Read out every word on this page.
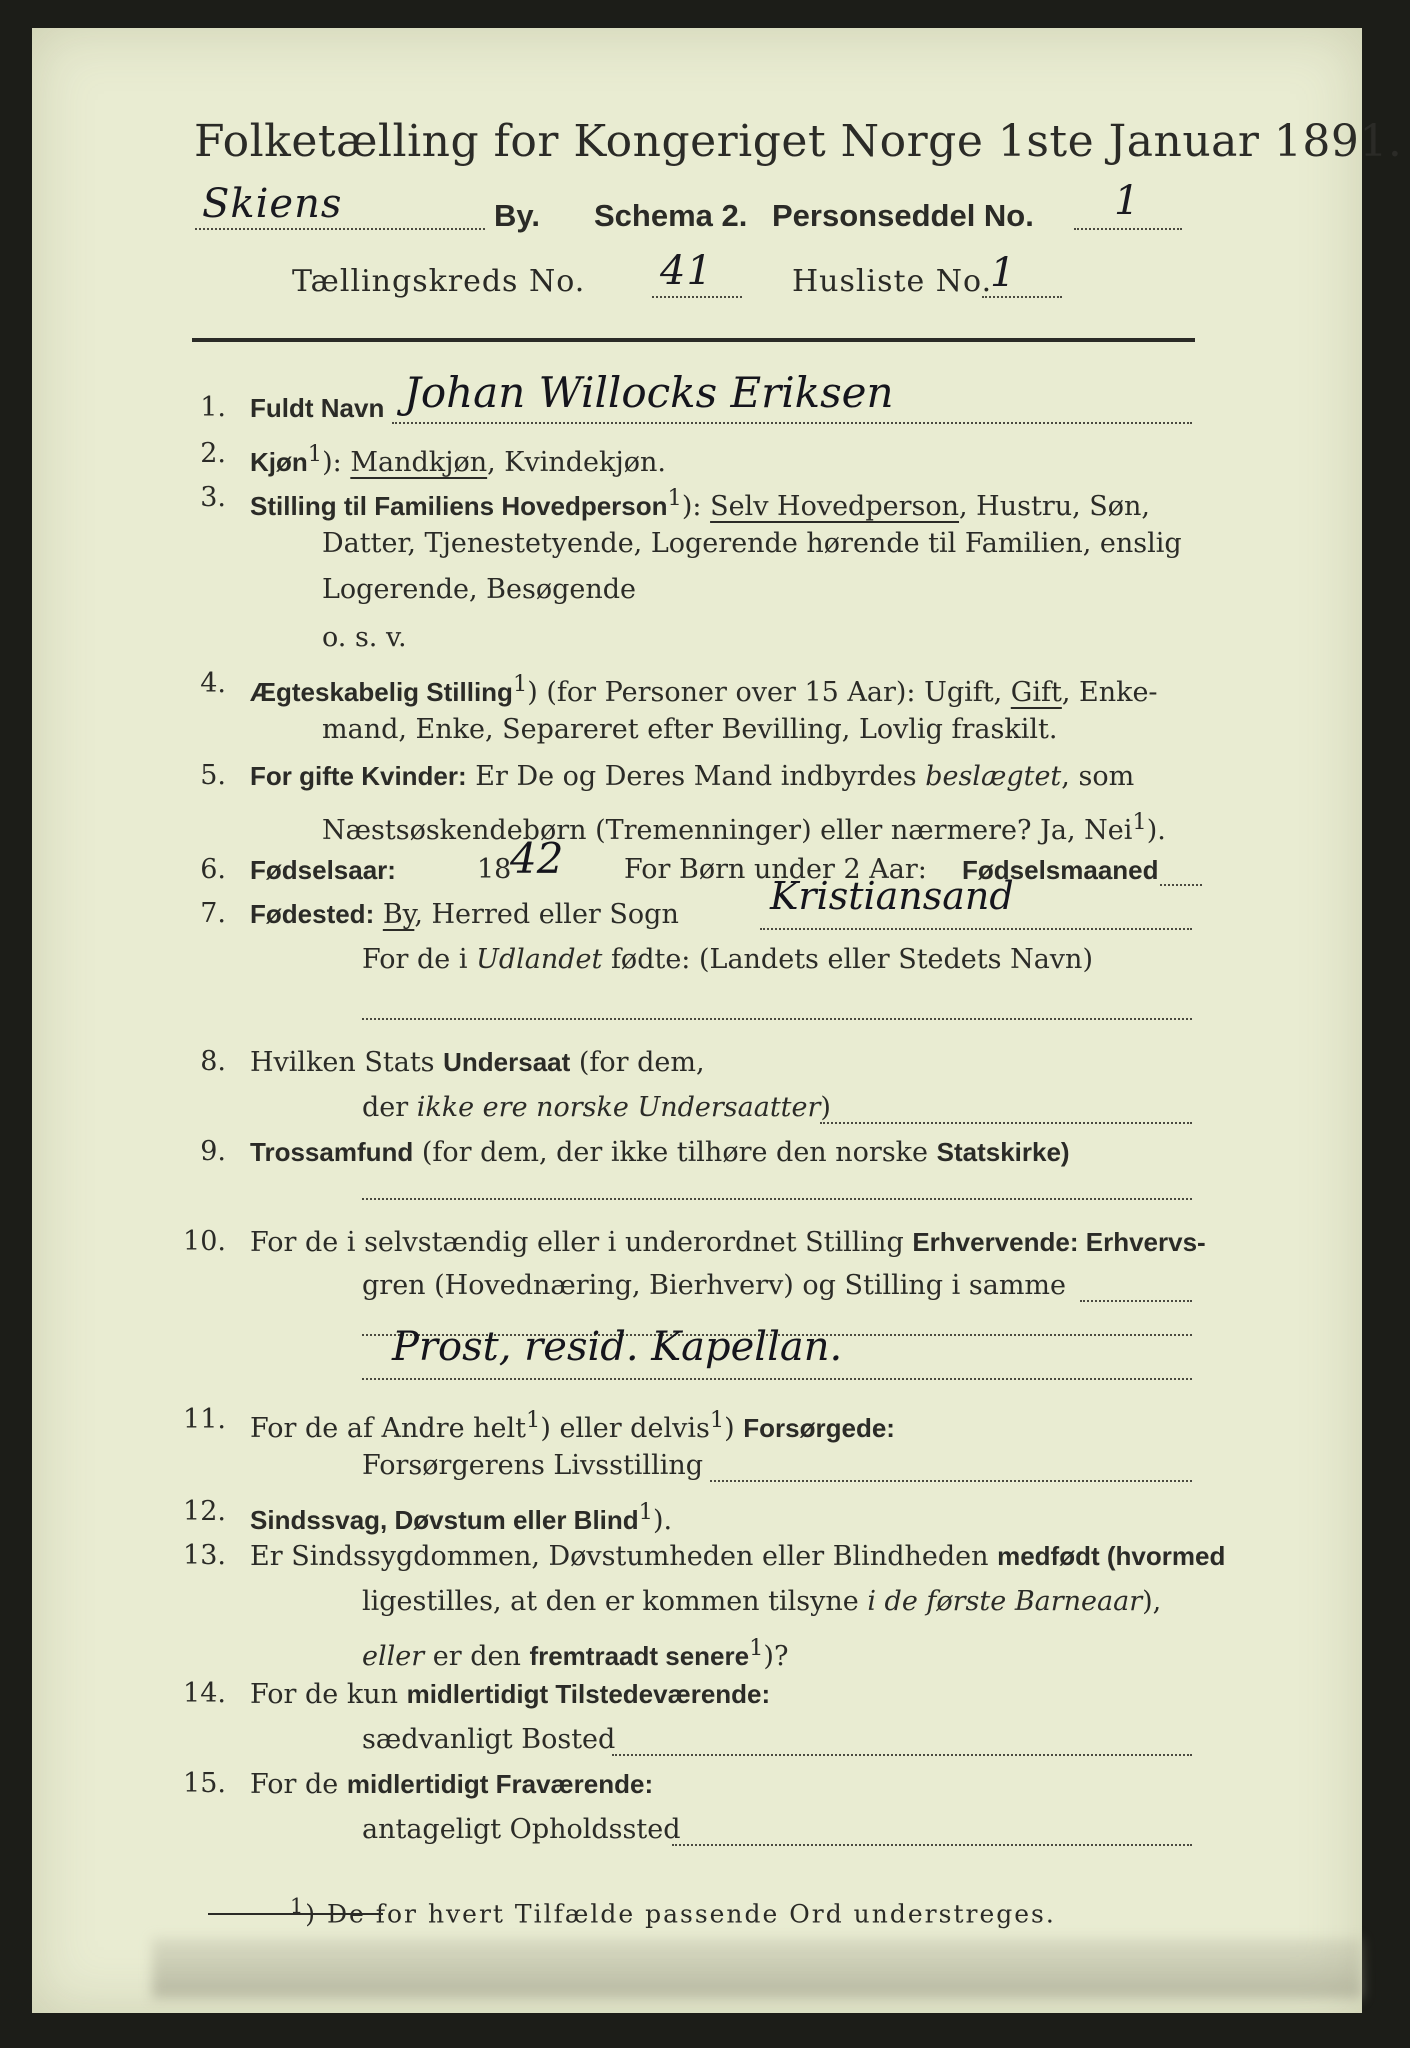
Folketælling for Kongeriget Norge 1ste Januar 1891.
Skiens	By. Schema 2. Personseddel No. 1
Tællingskreds No. 41	Husliste No.
1
1. Fuldt Navn Johan Willocks Eriksen
2. Kjøn$^1$): Mandkjøn, Kvindekjøn.
3. Stilling til Familiens Hovedperson$^1$): Selv Hovedperson, Hustru, Søn,
Datter, Tjenestetyende, Logerende hørende til Familien, enslig
Logerende, Besøgende
o. s. v.
4. Ægteskabelig Stilling$^1$) (for Personer over 15 Aar): Ugift, Gift, Enke-
mand, Enke, Separeret efter Bevilling, Lovlig fraskilt.
5. For gifte Kvinder: Er De og Deres Mand indbyrdes beslægtet, som
Næstsøskendebørn (Tremenninger) eller nærmere? Ja, Nei$^1$).
6. Fødselsaar:	18
42 For Børn under 2 Aar: Fødselsmaaned
7. Fødested: By, Herred eller Sogn Kristiansand
For de i Udlandet fødte: (Landets eller Stedets Navn)
8. Hvilken Stats Undersaat (for dem,
der ikke ere norske Undersaatter)
9. Trossamfund (for dem, der ikke tilhøre den norske Statskirke)
10. For de i selvstændig eller i underordnet Stilling Erhvervende: Erhvervs-
gren (Hovednæring, Bierhverv) og Stilling i samme
Prost, resid. Kapellan.
11. For de af Andre helt$^1$) eller delvis$^1$) Forsørgede:
Forsørgerens Livsstilling
12. Sindssvag, Døvstum eller Blind$^1$).
13. Er Sindssygdommen, Døvstumheden eller Blindheden medfødt (hvormed
ligestilles, at den er kommen tilsyne i de første Barneaar),
eller er den fremtraadt senere$^1$)?
14. For de kun midlertidigt Tilstedeværende:
sædvanligt Bosted
15. For de midlertidigt Fraværende:
antageligt Opholdssted
$^1$) De for hvert Tilfælde passende Ord understreges.
